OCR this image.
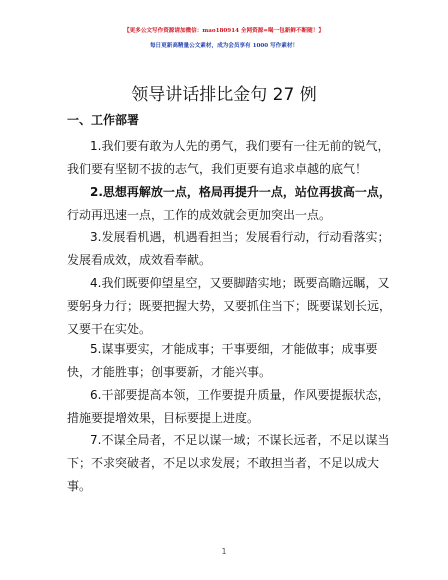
【更多公文写作资源请加微信：mao180914 全网资源=喝一包新鲜不断随！】
每日更新高精量公文素材，成为会员享有 1000 写作素材！
领导讲话排比金句 27 例
一、工作部署
1.我们要有敢为人先的勇气，我们要有一往无前的锐气，
我们要有坚韧不拔的志气，我们更要有追求卓越的底气！
2.思想再解放一点，格局再提升一点，站位再拔高一点，
行动再迅速一点，工作的成效就会更加突出一点。
3.发展看机遇，机遇看担当；发展看行动，行动看落实；
发展看成效，成效看奉献。
4.我们既要仰望星空，又要脚踏实地；既要高瞻远瞩，又
要躬身力行；既要把握大势，又要抓住当下；既要谋划长远，
又要干在实处。
5.谋事要实，才能成事；干事要细，才能做事；成事要
快，才能胜事；创事要新，才能兴事。
6.干部要提高本领，工作要提升质量，作风要提振状态，
措施要提增效果，目标要提上进度。
7.不谋全局者，不足以谋一域；不谋长远者，不足以谋当
下；不求突破者，不足以求发展；不敢担当者，不足以成大
事。
1
